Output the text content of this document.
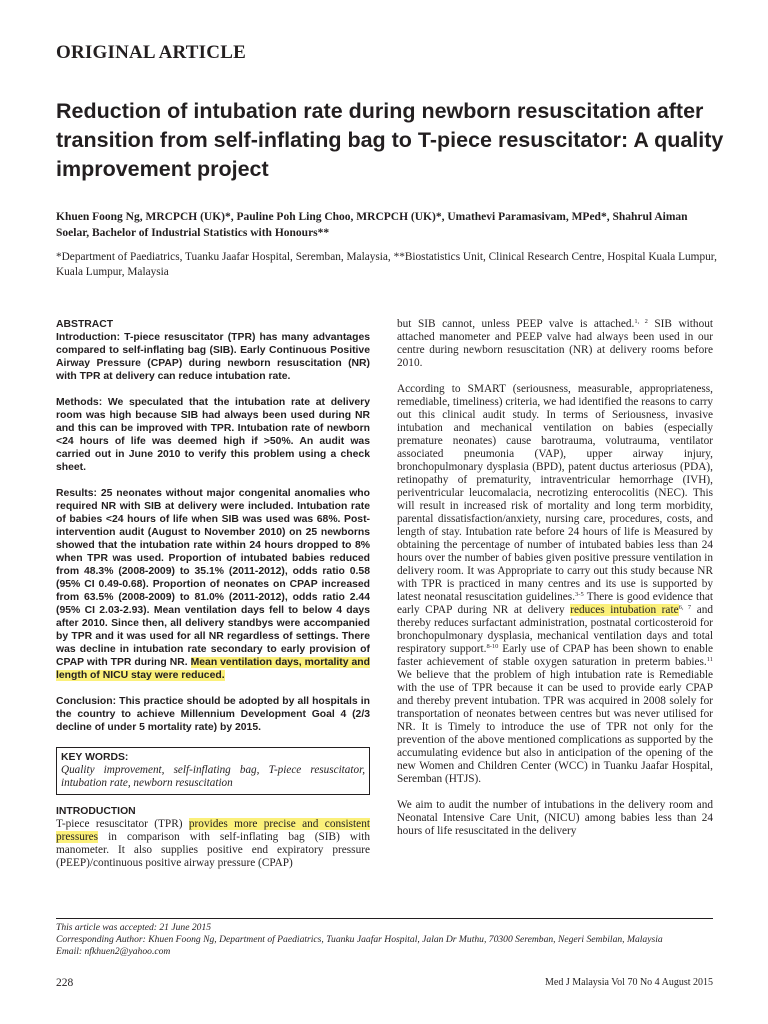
ORIGINAL ARTICLE
Reduction of intubation rate during newborn resuscitation after transition from self-inflating bag to T-piece resuscitator: A quality improvement project
Khuen Foong Ng, MRCPCH (UK)*, Pauline Poh Ling Choo, MRCPCH (UK)*, Umathevi Paramasivam, MPed*, Shahrul Aiman Soelar, Bachelor of Industrial Statistics with Honours**
*Department of Paediatrics, Tuanku Jaafar Hospital, Seremban, Malaysia, **Biostatistics Unit, Clinical Research Centre, Hospital Kuala Lumpur, Kuala Lumpur, Malaysia
ABSTRACT

Introduction: T-piece resuscitator (TPR) has many advantages compared to self-inflating bag (SIB). Early Continuous Positive Airway Pressure (CPAP) during newborn resuscitation (NR) with TPR at delivery can reduce intubation rate.

Methods: We speculated that the intubation rate at delivery room was high because SIB had always been used during NR and this can be improved with TPR. Intubation rate of newborn <24 hours of life was deemed high if >50%. An audit was carried out in June 2010 to verify this problem using a check sheet.

Results: 25 neonates without major congenital anomalies who required NR with SIB at delivery were included. Intubation rate of babies <24 hours of life when SIB was used was 68%. Post-intervention audit (August to November 2010) on 25 newborns showed that the intubation rate within 24 hours dropped to 8% when TPR was used. Proportion of intubated babies reduced from 48.3% (2008-2009) to 35.1% (2011-2012), odds ratio 0.58 (95% CI 0.49-0.68). Proportion of neonates on CPAP increased from 63.5% (2008-2009) to 81.0% (2011-2012), odds ratio 2.44 (95% CI 2.03-2.93). Mean ventilation days fell to below 4 days after 2010. Since then, all delivery standbys were accompanied by TPR and it was used for all NR regardless of settings. There was decline in intubation rate secondary to early provision of CPAP with TPR during NR. Mean ventilation days, mortality and length of NICU stay were reduced.

Conclusion: This practice should be adopted by all hospitals in the country to achieve Millennium Development Goal 4 (2/3 decline of under 5 mortality rate) by 2015.

KEY WORDS:
Quality improvement, self-inflating bag, T-piece resuscitator, intubation rate, newborn resuscitation
INTRODUCTION

T-piece resuscitator (TPR) provides more precise and consistent pressures in comparison with self-inflating bag (SIB) with manometer. It also supplies positive end expiratory pressure (PEEP)/continuous positive airway pressure (CPAP)

but SIB cannot, unless PEEP valve is attached.$^{1, 2}$ SIB without attached manometer and PEEP valve had always been used in our centre during newborn resuscitation (NR) at delivery rooms before 2010.

According to SMART (seriousness, measurable, appropriateness, remediable, timeliness) criteria, we had identified the reasons to carry out this clinical audit study. In terms of Seriousness, invasive intubation and mechanical ventilation on babies (especially premature neonates) cause barotrauma, volutrauma, ventilator associated pneumonia (VAP), upper airway injury, bronchopulmonary dysplasia (BPD), patent ductus arteriosus (PDA), retinopathy of prematurity, intraventricular hemorrhage (IVH), periventricular leucomalacia, necrotizing enterocolitis (NEC). This will result in increased risk of mortality and long term morbidity, parental dissatisfaction/anxiety, nursing care, procedures, costs, and length of stay. Intubation rate before 24 hours of life is Measured by obtaining the percentage of number of intubated babies less than 24 hours over the number of babies given positive pressure ventilation in delivery room. It was Appropriate to carry out this study because NR with TPR is practiced in many centres and its use is supported by latest neonatal resuscitation guidelines.$^{3-5}$ There is good evidence that early CPAP during NR at delivery reduces intubation rate$^{6, 7}$ and thereby reduces surfactant administration, postnatal corticosteroid for bronchopulmonary dysplasia, mechanical ventilation days and total respiratory support.$^{8-10}$ Early use of CPAP has been shown to enable faster achievement of stable oxygen saturation in preterm babies.$^{11}$ We believe that the problem of high intubation rate is Remediable with the use of TPR because it can be used to provide early CPAP and thereby prevent intubation. TPR was acquired in 2008 solely for transportation of neonates between centres but was never utilised for NR. It is Timely to introduce the use of TPR not only for the prevention of the above mentioned complications as supported by the accumulating evidence but also in anticipation of the opening of the new Women and Children Center (WCC) in Tuanku Jaafar Hospital, Seremban (HTJS).

We aim to audit the number of intubations in the delivery room and Neonatal Intensive Care Unit, (NICU) among babies less than 24 hours of life resuscitated in the delivery

This article was accepted: 21 June 2015
Corresponding Author: Khuen Foong Ng, Department of Paediatrics, Tuanku Jaafar Hospital, Jalan Dr Muthu, 70300 Seremban, Negeri Sembilan, Malaysia
Email: nfkhuen2@yahoo.com
228	Med J Malaysia Vol 70 No 4 August 2015
